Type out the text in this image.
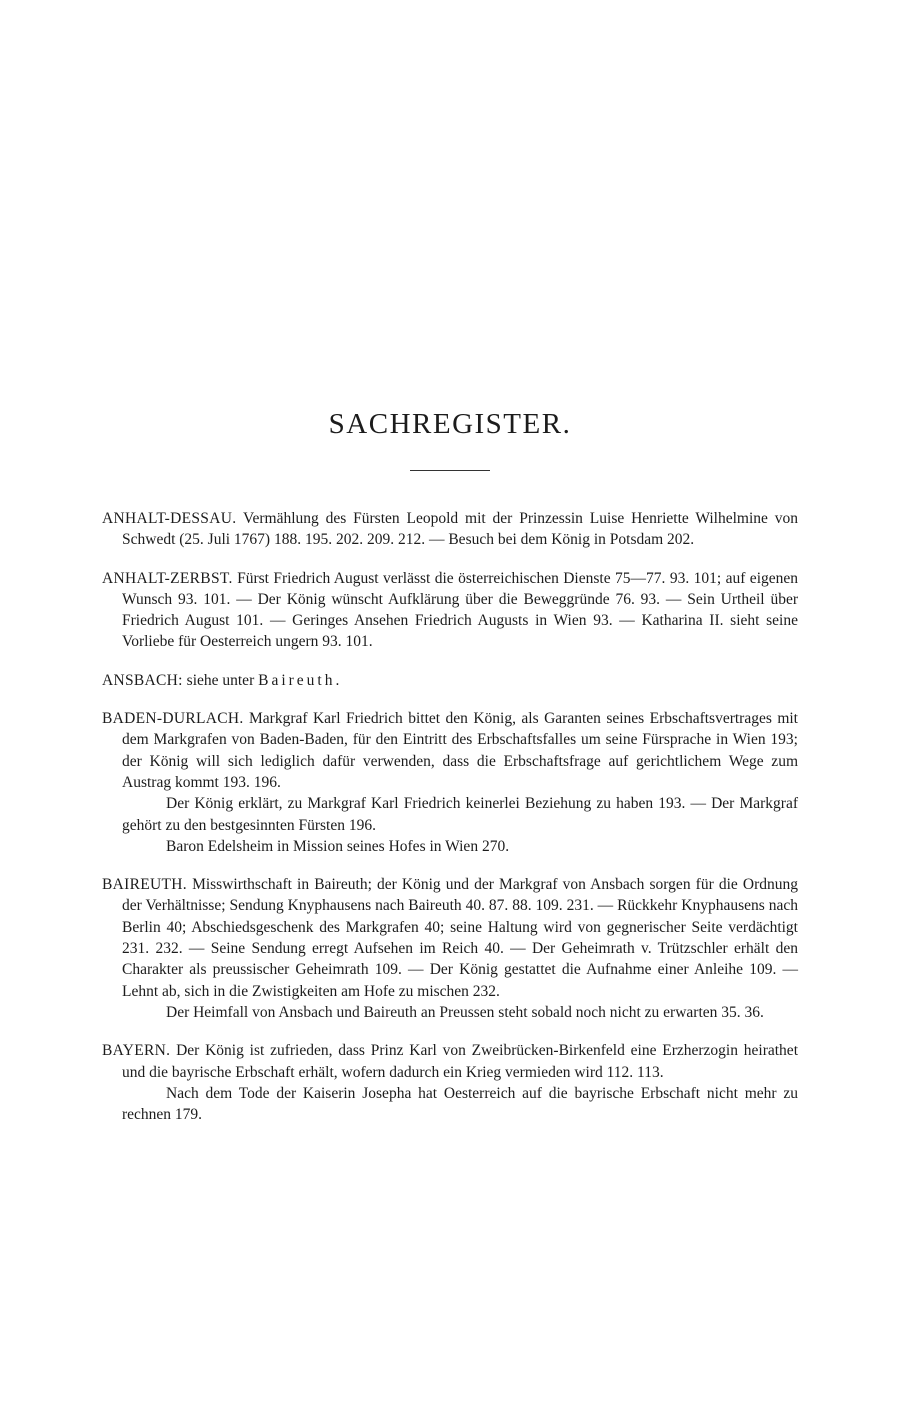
SACHREGISTER.

ANHALT-DESSAU. Vermählung des Fürsten Leopold mit der Prinzessin Luise Henriette Wilhelmine von Schwedt (25. Juli 1767) 188. 195. 202. 209. 212. — Besuch bei dem König in Potsdam 202.

ANHALT-ZERBST. Fürst Friedrich August verlässt die österreichischen Dienste 75—77. 93. 101; auf eigenen Wunsch 93. 101. — Der König wünscht Aufklärung über die Beweggründe 76. 93. — Sein Urtheil über Friedrich August 101. — Geringes Ansehen Friedrich Augusts in Wien 93. — Katharina II. sieht seine Vorliebe für Oesterreich ungern 93. 101.

ANSBACH: siehe unter Baireuth.

BADEN-DURLACH. Markgraf Karl Friedrich bittet den König, als Garanten seines Erbschaftsvertrages mit dem Markgrafen von Baden-Baden, für den Eintritt des Erbschaftsfalles um seine Fürsprache in Wien 193; der König will sich lediglich dafür verwenden, dass die Erbschaftsfrage auf gerichtlichem Wege zum Austrag kommt 193. 196.

Der König erklärt, zu Markgraf Karl Friedrich keinerlei Beziehung zu haben 193. — Der Markgraf gehört zu den bestgesinnten Fürsten 196.

Baron Edelsheim in Mission seines Hofes in Wien 270.

BAIREUTH. Misswirthschaft in Baireuth; der König und der Markgraf von Ansbach sorgen für die Ordnung der Verhältnisse; Sendung Knyphausens nach Baireuth 40. 87. 88. 109. 231. — Rückkehr Knyphausens nach Berlin 40; Abschiedsgeschenk des Markgrafen 40; seine Haltung wird von gegnerischer Seite verdächtigt 231. 232. — Seine Sendung erregt Aufsehen im Reich 40. — Der Geheimrath v. Trützschler erhält den Charakter als preussischer Geheimrath 109. — Der König gestattet die Aufnahme einer Anleihe 109. — Lehnt ab, sich in die Zwistigkeiten am Hofe zu mischen 232.

Der Heimfall von Ansbach und Baireuth an Preussen steht sobald noch nicht zu erwarten 35. 36.

BAYERN. Der König ist zufrieden, dass Prinz Karl von Zweibrücken-Birkenfeld eine Erzherzogin heirathet und die bayrische Erbschaft erhält, wofern dadurch ein Krieg vermieden wird 112. 113.

Nach dem Tode der Kaiserin Josepha hat Oesterreich auf die bayrische Erbschaft nicht mehr zu rechnen 179.
